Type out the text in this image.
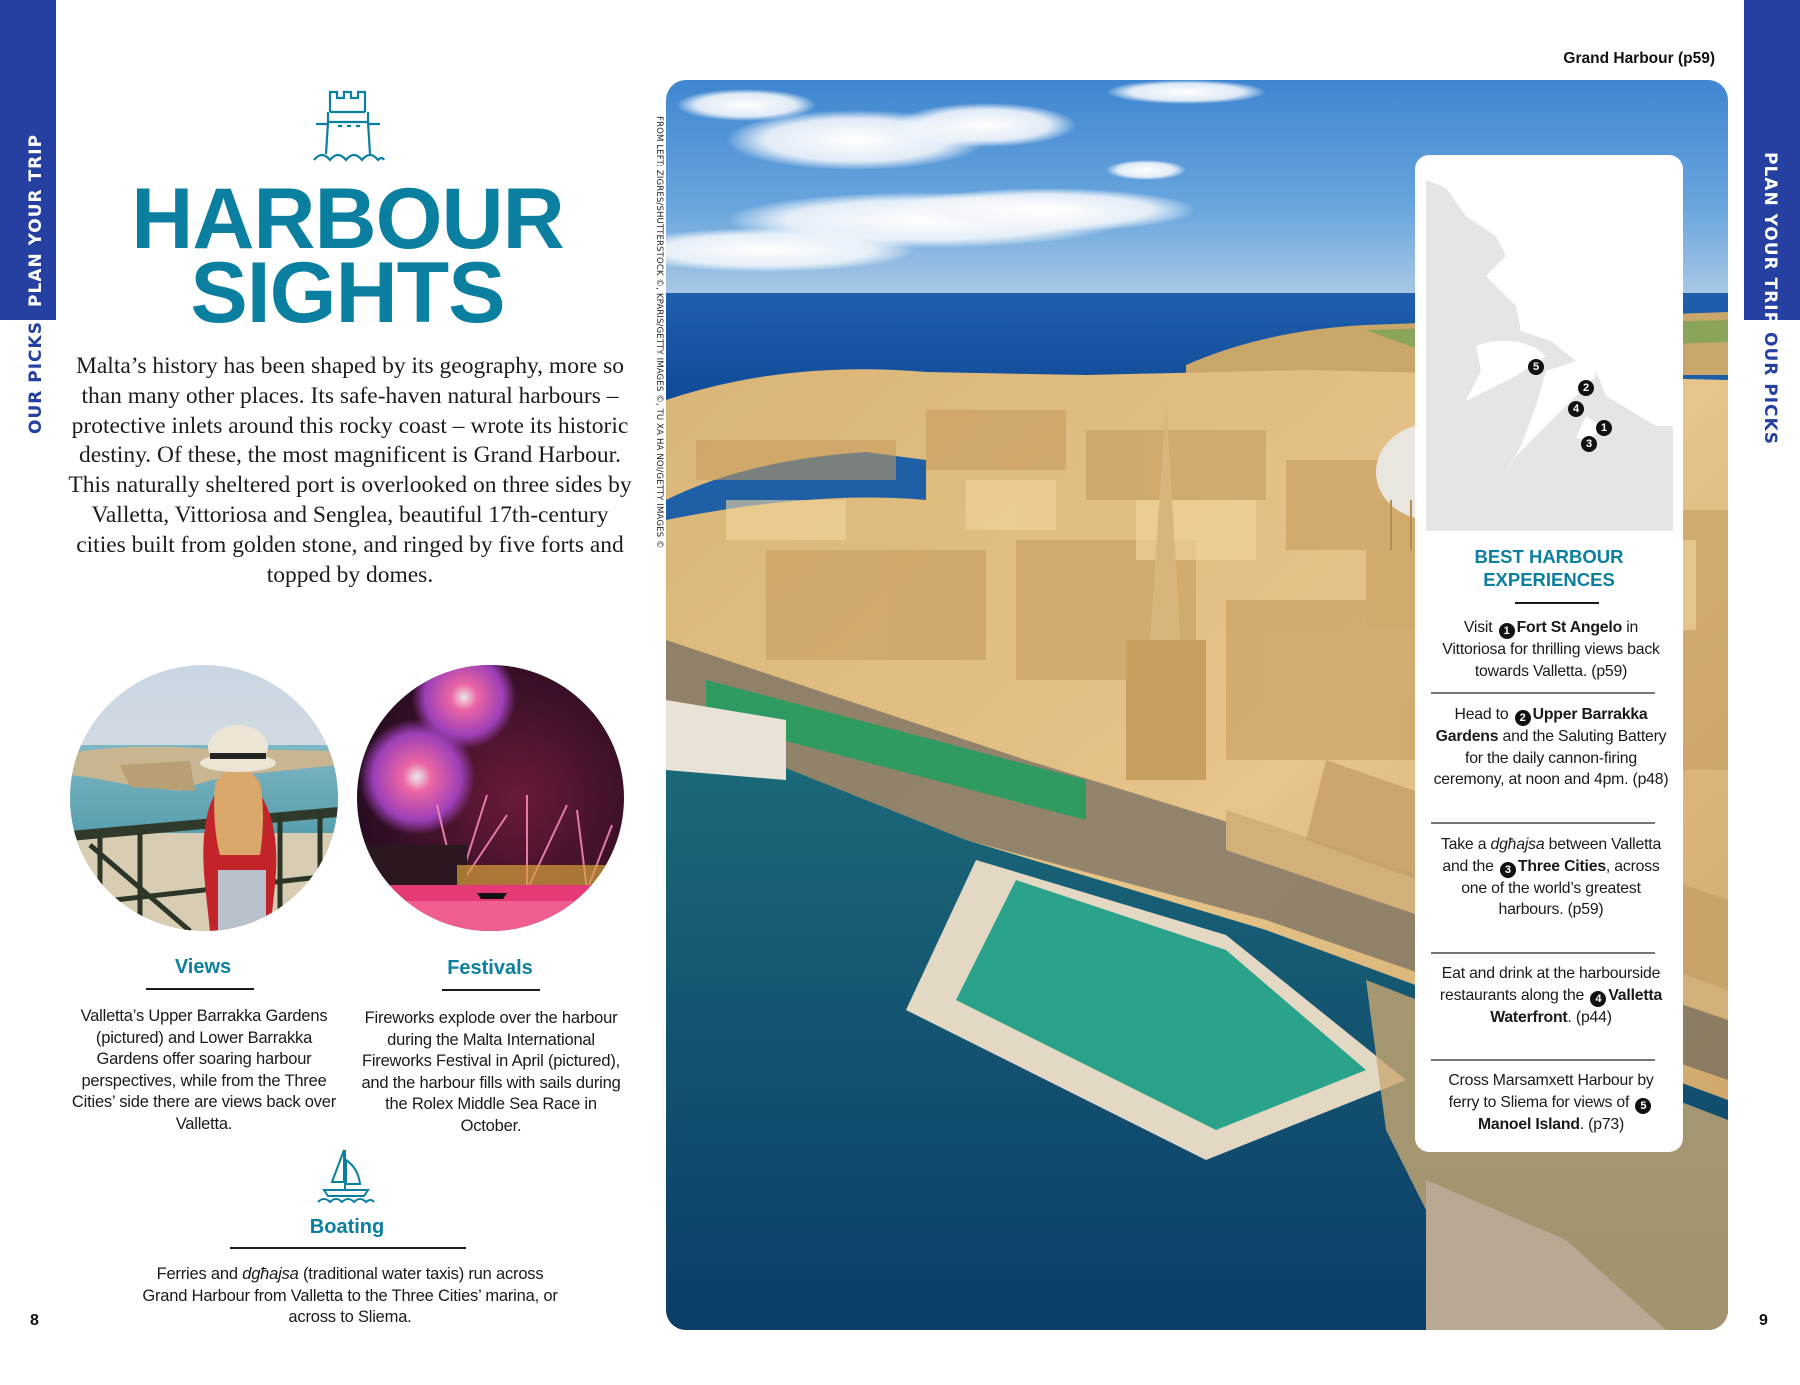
PLAN YOUR TRIP
OUR PICKS
PLAN YOUR TRIP
OUR PICKS
HARBOUR
SIGHTS

Malta’s history has been shaped by its geography, more so than many other places. Its safe-haven natural harbours – protective inlets around this rocky coast – wrote its historic destiny. Of these, the most magnificent is Grand Harbour. This naturally sheltered port is overlooked on three sides by Valletta, Vittoriosa and Senglea, beautiful 17th-century cities built from golden stone, and ringed by five forts and topped by domes.

Views

Valletta’s Upper Barrakka Gardens (pictured) and Lower Barrakka Gardens offer soaring harbour perspectives, while from the Three Cities’ side there are views back over Valletta.

Festivals

Fireworks explode over the harbour during the Malta International Fireworks Festival in April (pictured), and the harbour fills with sails during the Rolex Middle Sea Race in October.

Boating

Ferries and dgħajsa (traditional water taxis) run across Grand Harbour from Valletta to the Three Cities’ marina, or across to Sliema.

8	9
FROM LEFT: ZIGRES/SHUTTERSTOCK ©, KPARIS/GETTY IMAGES ©, TU XA HA NOI/GETTY IMAGES ©
Grand Harbour (p59)
5
2
4
1
3
BEST HARBOUR
EXPERIENCES

Visit 1 Fort St Angelo in Vittoriosa for thrilling views back towards Valletta. (p59)

Head to 2 Upper Barrakka Gardens and the Saluting Battery for the daily cannon-firing ceremony, at noon and 4pm. (p48)

Take a dgħajsa between Valletta and the 3 Three Cities, across one of the world’s greatest harbours. (p59)

Eat and drink at the harbourside restaurants along the 4 Valletta Waterfront. (p44)

Cross Marsamxett Harbour by ferry to Sliema for views of 5Manoel Island. (p73)
